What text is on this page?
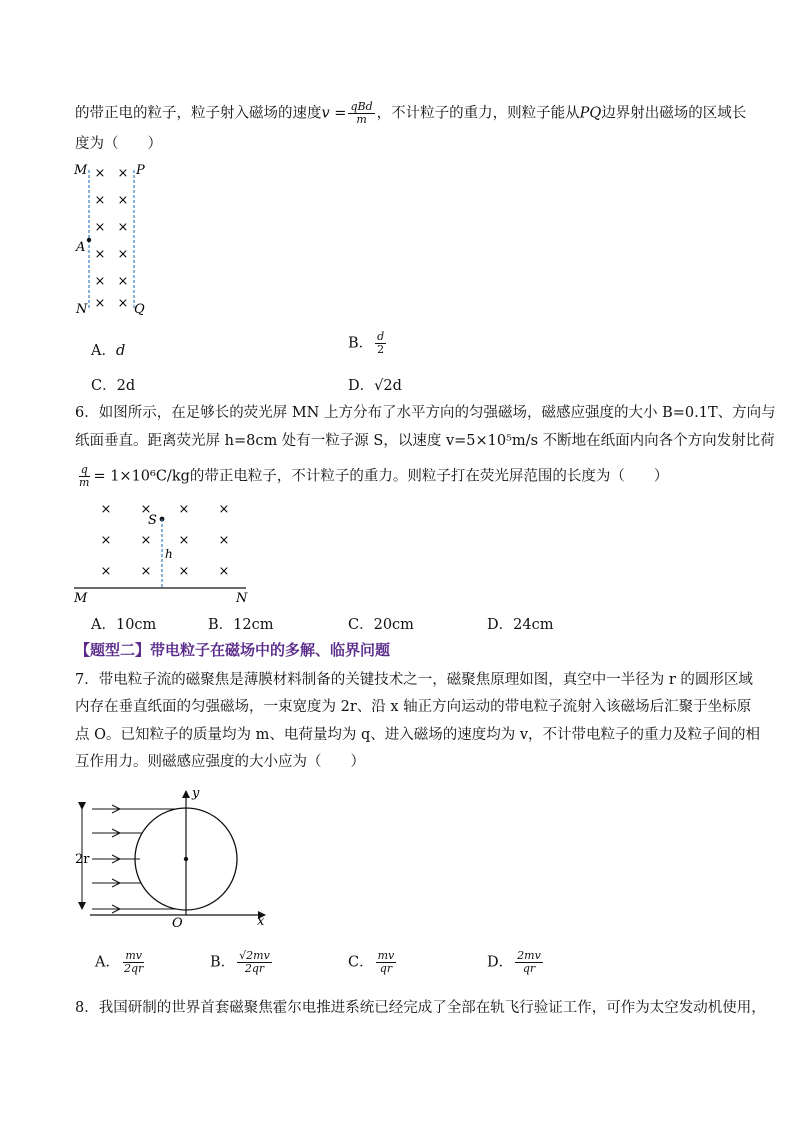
的带正电的粒子，粒子射入磁场的速度$v = \frac{\text{qBd}}{m}$ ，不计粒子的重力，则粒子能从PQ边界射出磁场的区域长
度为（　　）
M	P
A
N	Q
× ×
× ×
× ×
× ×
× ×
× ×
A．d	B． $\frac{d}{2}$
C．2d	D．√2d
6．如图所示，在足够长的荧光屏 MN 上方分布了水平方向的匀强磁场，磁感应强度的大小 B=0.1T、方向与
纸面垂直。距离荧光屏 h=8cm 处有一粒子源 S，以速度 v=5×10⁵m/s 不断地在纸面内向各个方向发射比荷
$\frac{q}{m} = 1\times 10^6C/kg$的带正电粒子，不计粒子的重力。则粒子打在荧光屏范围的长度为（　　）
× × × ×
× × × ×
× × × ×
S
h
M	N
A．10cm	B．12cm	C．20cm	D．24cm
【题型二】带电粒子在磁场中的多解、临界问题
7．带电粒子流的磁聚焦是薄膜材料制备的关键技术之一，磁聚焦原理如图，真空中一半径为 r 的圆形区域
内存在垂直纸面的匀强磁场，一束宽度为 2r、沿 x 轴正方向运动的带电粒子流射入该磁场后汇聚于坐标原
点 O。已知粒子的质量均为 m、电荷量均为 q、进入磁场的速度均为 v，不计带电粒子的重力及粒子间的相
互作用力。则磁感应强度的大小应为（　　）
y
x
O
2r
A． $\frac{mv}{2qr}$	B． $\frac{√2mv}{2qr}$	C． $\frac{mv}{qr}$	D． $\frac{2mv}{qr}$
8．我国研制的世界首套磁聚焦霍尔电推进系统已经完成了全部在轨飞行验证工作，可作为太空发动机使用，
